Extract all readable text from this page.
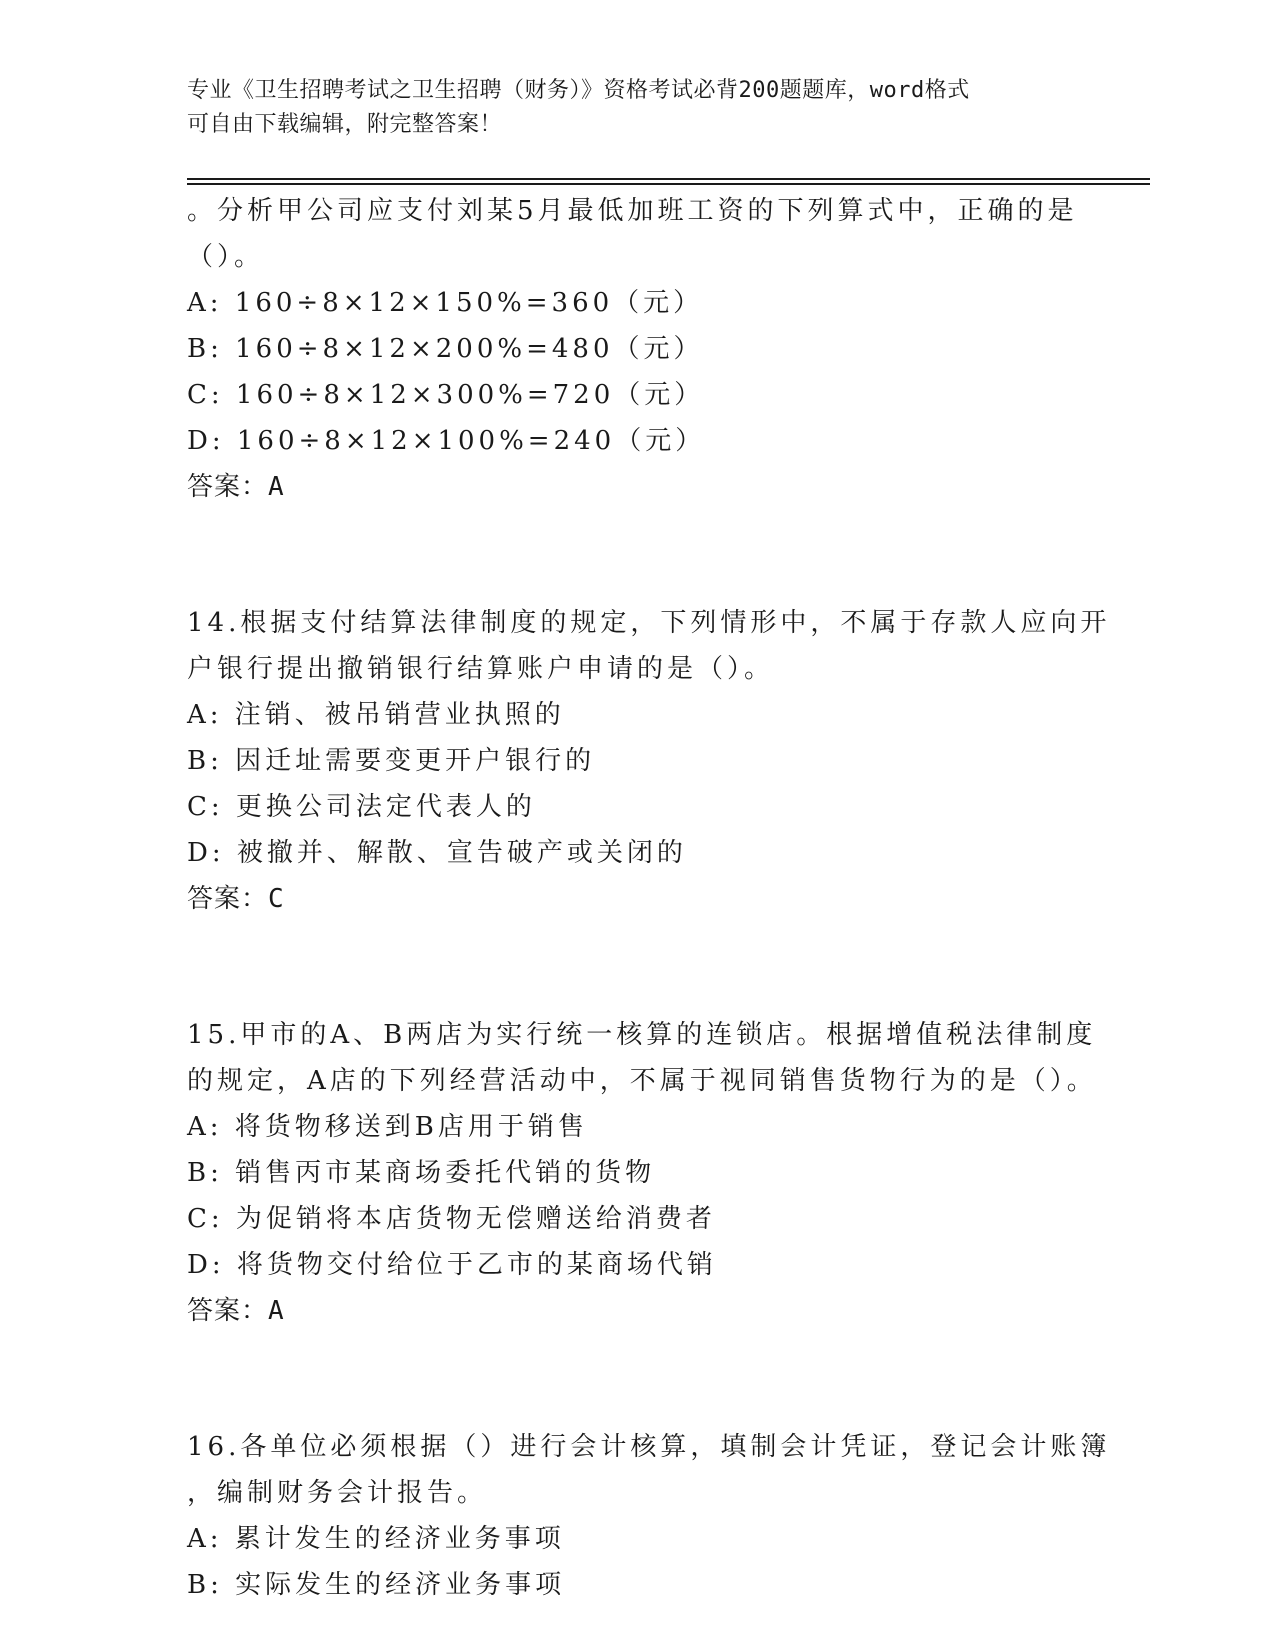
专业《卫生招聘考试之卫生招聘（财务）》资格考试必背200题题库，word格式
可自由下载编辑，附完整答案！
。分析甲公司应支付刘某5月最低加班工资的下列算式中，正确的是
（）。
A: 160÷8×12×150%=360（元）
B: 160÷8×12×200%=480（元）
C: 160÷8×12×300%=720（元）
D: 160÷8×12×100%=240（元）
答案：A
14.根据支付结算法律制度的规定，下列情形中，不属于存款人应向开
户银行提出撤销银行结算账户申请的是（）。
A: 注销、被吊销营业执照的
B: 因迁址需要变更开户银行的
C: 更换公司法定代表人的
D: 被撤并、解散、宣告破产或关闭的
答案：C
15.甲市的A、B两店为实行统一核算的连锁店。根据增值税法律制度
的规定，A店的下列经营活动中，不属于视同销售货物行为的是（）。
A: 将货物移送到B店用于销售
B: 销售丙市某商场委托代销的货物
C: 为促销将本店货物无偿赠送给消费者
D: 将货物交付给位于乙市的某商场代销
答案：A
16.各单位必须根据（）进行会计核算，填制会计凭证，登记会计账簿
，编制财务会计报告。
A: 累计发生的经济业务事项
B: 实际发生的经济业务事项
